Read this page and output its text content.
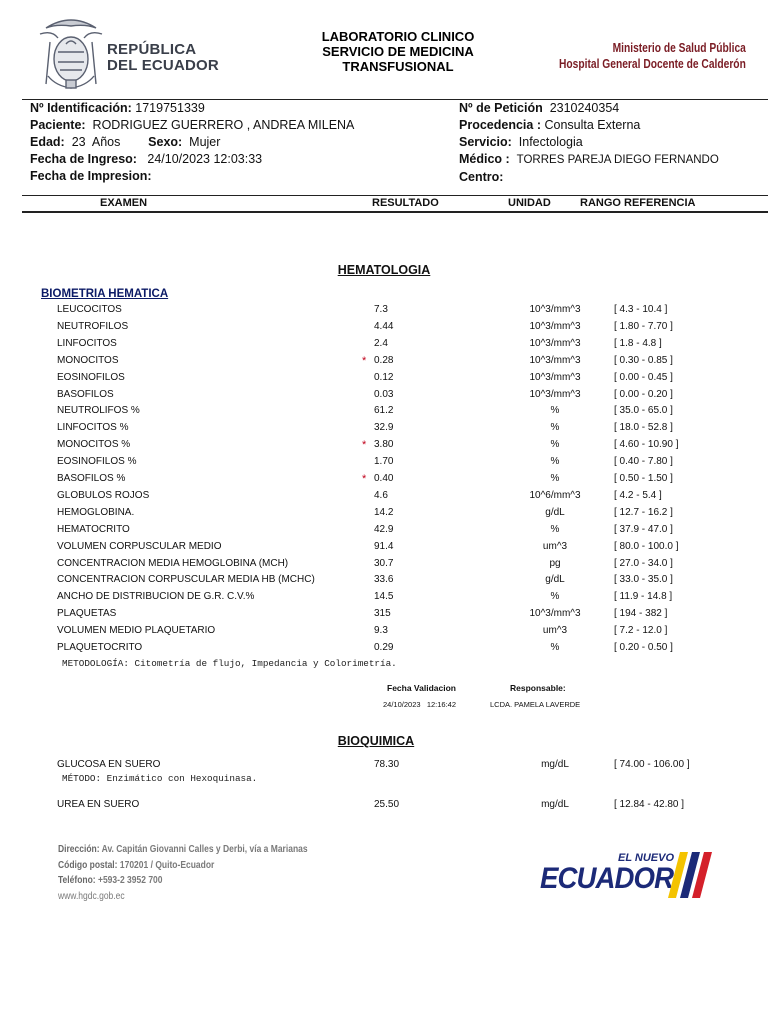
REPÚBLICA
DEL ECUADOR
LABORATORIO CLINICO
SERVICIO DE MEDICINA
TRANSFUSIONAL
Ministerio de Salud Pública
Hospital General Docente de Calderón
Nº Identificación: 1719751339
Paciente: RODRIGUEZ GUERRERO , ANDREA MILENA
Edad: 23 Años Sexo: Mujer
Fecha de Ingreso: 24/10/2023 12:03:33
Fecha de Impresion:
Nº de Petición 2310240354
Procedencia : Consulta Externa
Servicio: Infectologia
Médico : TORRES PAREJA DIEGO FERNANDO
Centro:
EXAMEN	RESULTADO	UNIDAD	RANGO REFERENCIA
HEMATOLOGIA
BIOMETRIA HEMATICA
LEUCOCITOS	7.3	10^3/mm^3	[ 4.3 - 10.4 ]
NEUTROFILOS	4.44	10^3/mm^3	[ 1.80 - 7.70 ]
LINFOCITOS	2.4	10^3/mm^3	[ 1.8 - 4.8 ]
MONOCITOS	* 0.28	10^3/mm^3	[ 0.30 - 0.85 ]
EOSINOFILOS	0.12	10^3/mm^3	[ 0.00 - 0.45 ]
BASOFILOS	0.03	10^3/mm^3	[ 0.00 - 0.20 ]
NEUTROLIFOS %	61.2	%	[ 35.0 - 65.0 ]
LINFOCITOS %	32.9	%	[ 18.0 - 52.8 ]
MONOCITOS %	* 3.80	%	[ 4.60 - 10.90 ]
EOSINOFILOS %	1.70	%	[ 0.40 - 7.80 ]
BASOFILOS %	* 0.40	%	[ 0.50 - 1.50 ]
GLOBULOS ROJOS	4.6	10^6/mm^3	[ 4.2 - 5.4 ]
HEMOGLOBINA.	14.2	g/dL	[ 12.7 - 16.2 ]
HEMATOCRITO	42.9	%	[ 37.9 - 47.0 ]
VOLUMEN CORPUSCULAR MEDIO	91.4	um^3	[ 80.0 - 100.0 ]
CONCENTRACION MEDIA HEMOGLOBINA (MCH)	30.7	pg	[ 27.0 - 34.0 ]
CONCENTRACION CORPUSCULAR MEDIA HB (MCHC)	33.6	g/dL	[ 33.0 - 35.0 ]
ANCHO DE DISTRIBUCION DE G.R. C.V.%	14.5	%	[ 11.9 - 14.8 ]
PLAQUETAS	315	10^3/mm^3	[ 194 - 382 ]
VOLUMEN MEDIO PLAQUETARIO	9.3	um^3	[ 7.2 - 12.0 ]
PLAQUETOCRITO	0.29	%	[ 0.20 - 0.50 ]
METODOLOGÍA: Citometría de flujo, Impedancia y Colorimetría.
Fecha Validacion	Responsable:
24/10/2023 12:16:42	LCDA. PAMELA LAVERDE
BIOQUIMICA
GLUCOSA EN SUERO	78.30	mg/dL	[ 74.00 - 106.00 ]
MÉTODO: Enzimático con Hexoquinasa.
UREA EN SUERO	25.50	mg/dL	[ 12.84 - 42.80 ]
Dirección: Av. Capitán Giovanni Calles y Derbi, vía a Marianas
Código postal: 170201 / Quito-Ecuador
Teléfono: +593-2 3952 700
www.hgdc.gob.ec
EL NUEVO
ECUADOR
